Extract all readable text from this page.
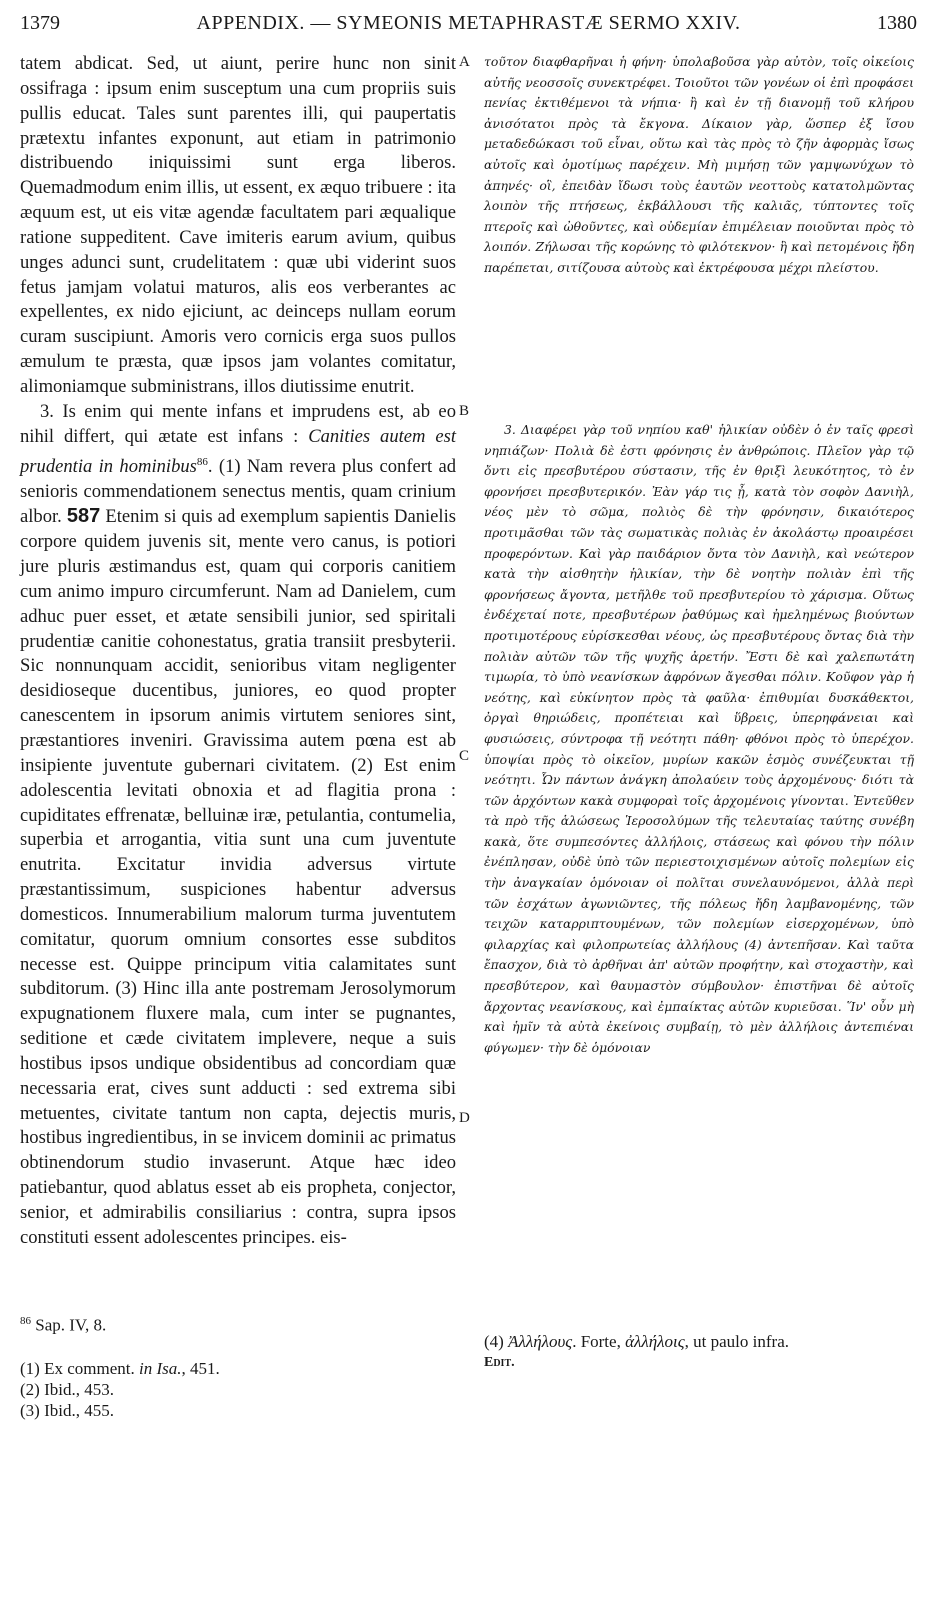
1379	APPENDIX. — SYMEONIS METAPHRASTÆ SERMO XXIV.	1380

tatem abdicat. Sed, ut aiunt, perire hunc non sinit ossifraga : ipsum enim susceptum una cum propriis suis pullis educat. Tales sunt parentes illi, qui paupertatis prætextu infantes exponunt, aut etiam in patrimonio distribuendo iniquissimi sunt erga liberos. Quemadmodum enim illis, ut essent, ex æquo tribuere : ita æquum est, ut eis vitæ agendæ facultatem pari æqualique ratione suppeditent. Cave imiteris earum avium, quibus unges adunci sunt, crudelitatem : quæ ubi viderint suos fetus jamjam volatui maturos, alis eos verberantes ac expellentes, ex nido ejiciunt, ac deinceps nullam eorum curam suscipiunt. Amoris vero cornicis erga suos pullos æmulum te præsta, quæ ipsos jam volantes comitatur, alimoniamque subministrans, illos diutissime enutrit.

3. Is enim qui mente infans et imprudens est, ab eo nihil differt, qui ætate est infans : Canities autem est prudentia in hominibus$^{86}$. (1) Nam revera plus confert ad senioris commendationem senectus mentis, quam crinium albor. 587 Etenim si quis ad exemplum sapientis Danielis corpore quidem juvenis sit, mente vero canus, is potiori jure pluris æstimandus est, quam qui corporis canitiem cum animo impuro circumferunt. Nam ad Danielem, cum adhuc puer esset, et ætate sensibili junior, sed spiritali prudentiæ canitie cohonestatus, gratia transiit presbyterii. Sic nonnunquam accidit, senioribus vitam negligenter desidioseque ducentibus, juniores, eo quod propter canescentem in ipsorum animis virtutem seniores sint, præstantiores inveniri. Gravissima autem pœna est ab insipiente juventute gubernari civitatem. (2) Est enim adolescentia levitati obnoxia et ad flagitia prona : cupiditates effrenatæ, belluinæ iræ, petulantia, contumelia, superbia et arrogantia, vitia sunt una cum juventute enutrita. Excitatur invidia adversus virtute præstantissimum, suspiciones habentur adversus domesticos. Innumerabilium malorum turma juventutem comitatur, quorum omnium consortes esse subditos necesse est. Quippe principum vitia calamitates sunt subditorum. (3) Hinc illa ante postremam Jerosolymorum expugnationem fluxere mala, cum inter se pugnantes, seditione et cæde civitatem implevere, neque a suis hostibus ipsos undique obsidentibus ad concordiam quæ necessaria erat, cives sunt adducti : sed extrema sibi metuentes, civitate tantum non capta, dejectis muris, hostibus ingredientibus, in se invicem dominii ac primatus obtinendorum studio invaserunt. Atque hæc ideo patiebantur, quod ablatus esset ab eis propheta, conjector, senior, et admirabilis consiliarius : contra, supra ipsos constituti essent adolescentes principes. eis-

A
B
C
D

τοῦτον διαφθαρῆναι ἡ φήνη· ὑπολαβοῦσα γὰρ αὐτὸν, τοῖς οἰκείοις αὐτῆς νεοσσοῖς συνεκτρέφει. Τοιοῦτοι τῶν γονέων οἱ ἐπὶ προφάσει πενίας ἐκτιθέμενοι τὰ νήπια· ἢ καὶ ἐν τῇ διανομῇ τοῦ κλήρου ἀνισότατοι πρὸς τὰ ἔκγονα. Δίκαιον γὰρ, ὥσπερ ἐξ ἴσου μεταδεδώκασι τοῦ εἶναι, οὕτω καὶ τὰς πρὸς τὸ ζῆν ἀφορμὰς ἴσως αὐτοῖς καὶ ὁμοτίμως παρέχειν. Μὴ μιμήσῃ τῶν γαμψωνύχων τὸ ἀπηνές· οἳ, ἐπειδὰν ἴδωσι τοὺς ἑαυτῶν νεοττοὺς κατατολμῶντας λοιπὸν τῆς πτήσεως, ἐκβάλλουσι τῆς καλιᾶς, τύπτοντες τοῖς πτεροῖς καὶ ὠθοῦντες, καὶ οὐδεμίαν ἐπιμέλειαν ποιοῦνται πρὸς τὸ λοιπόν. Ζήλωσαι τῆς κορώνης τὸ φιλότεκνον· ἣ καὶ πετομένοις ἤδη παρέπεται, σιτίζουσα αὐτοὺς καὶ ἐκτρέφουσα μέχρι πλείστου.

3. Διαφέρει γὰρ τοῦ νηπίου καθ' ἡλικίαν οὐδὲν ὁ ἐν ταῖς φρεσὶ νηπιάζων· Πολιὰ δὲ ἐστι φρόνησις ἐν ἀνθρώποις. Πλεῖον γὰρ τῷ ὄντι εἰς πρεσβυτέρου σύστασιν, τῆς ἐν θριξὶ λευκότητος, τὸ ἐν φρονήσει πρεσβυτερικόν. Ἐὰν γάρ τις ᾖ, κατὰ τὸν σοφὸν Δανιὴλ, νέος μὲν τὸ σῶμα, πολιὸς δὲ τὴν φρόνησιν, δικαιότερος προτιμᾶσθαι τῶν τὰς σωματικὰς πολιὰς ἐν ἀκολάστῳ προαιρέσει προφερόντων. Καὶ γὰρ παιδάριον ὄντα τὸν Δανιὴλ, καὶ νεώτερον κατὰ τὴν αἰσθητὴν ἡλικίαν, τὴν δὲ νοητὴν πολιὰν ἐπὶ τῆς φρονήσεως ἄγοντα, μετῆλθε τοῦ πρεσβυτερίου τὸ χάρισμα. Οὕτως ἐνδέχεταί ποτε, πρεσβυτέρων ῥαθύμως καὶ ἠμελημένως βιούντων προτιμοτέρους εὑρίσκεσθαι νέους, ὡς πρεσβυτέρους ὄντας διὰ τὴν πολιὰν αὐτῶν τῶν τῆς ψυχῆς ἀρετήν. Ἔστι δὲ καὶ χαλεπωτάτη τιμωρία, τὸ ὑπὸ νεανίσκων ἀφρόνων ἄγεσθαι πόλιν. Κοῦφον γὰρ ἡ νεότης, καὶ εὐκίνητον πρὸς τὰ φαῦλα· ἐπιθυμίαι δυσκάθεκτοι, ὀργαὶ θηριώδεις, προπέτειαι καὶ ὕβρεις, ὑπερηφάνειαι καὶ φυσιώσεις, σύντροφα τῇ νεότητι πάθη· φθόνοι πρὸς τὸ ὑπερέχον. ὑποψίαι πρὸς τὸ οἰκεῖον, μυρίων κακῶν ἑσμὸς συνέζευκται τῇ νεότητι. Ὧν πάντων ἀνάγκη ἀπολαύειν τοὺς ἀρχομένους· διότι τὰ τῶν ἀρχόντων κακὰ συμφοραὶ τοῖς ἀρχομένοις γίνονται. Ἐντεῦθεν τὰ πρὸ τῆς ἁλώσεως Ἱεροσολύμων τῆς τελευταίας ταύτης συνέβη κακὰ, ὅτε συμπεσόντες ἀλλήλοις, στάσεως καὶ φόνου τὴν πόλιν ἐνέπλησαν, οὐδὲ ὑπὸ τῶν περιεστοιχισμένων αὐτοῖς πολεμίων εἰς τὴν ἀναγκαίαν ὁμόνοιαν οἱ πολῖται συνελαυνόμενοι, ἀλλὰ περὶ τῶν ἐσχάτων ἀγωνιῶντες, τῆς πόλεως ἤδη λαμβανομένης, τῶν τειχῶν καταρριπτουμένων, τῶν πολεμίων εἰσερχομένων, ὑπὸ φιλαρχίας καὶ φιλοπρωτείας ἀλλήλους (4) ἀντεπῆσαν. Καὶ ταῦτα ἔπασχον, διὰ τὸ ἀρθῆναι ἀπ' αὐτῶν προφήτην, καὶ στοχαστὴν, καὶ πρεσβύτερον, καὶ θαυμαστὸν σύμβουλον· ἐπιστῆναι δὲ αὐτοῖς ἄρχοντας νεανίσκους, καὶ ἐμπαίκτας αὐτῶν κυριεῦσαι. Ἵν' οὖν μὴ καὶ ἡμῖν τὰ αὐτὰ ἐκείνοις συμβαίῃ, τὸ μὲν ἀλλήλοις ἀντεπιέναι φύγωμεν· τὴν δὲ ὁμόνοιαν

$^{86}$ Sap. IV, 8.
(1) Ex comment. in Isa., 451.
(2) Ibid., 453.
(3) Ibid., 455.
(4) Ἀλλήλους. Forte, ἀλλήλοις, ut paulo infra.
Edit.
